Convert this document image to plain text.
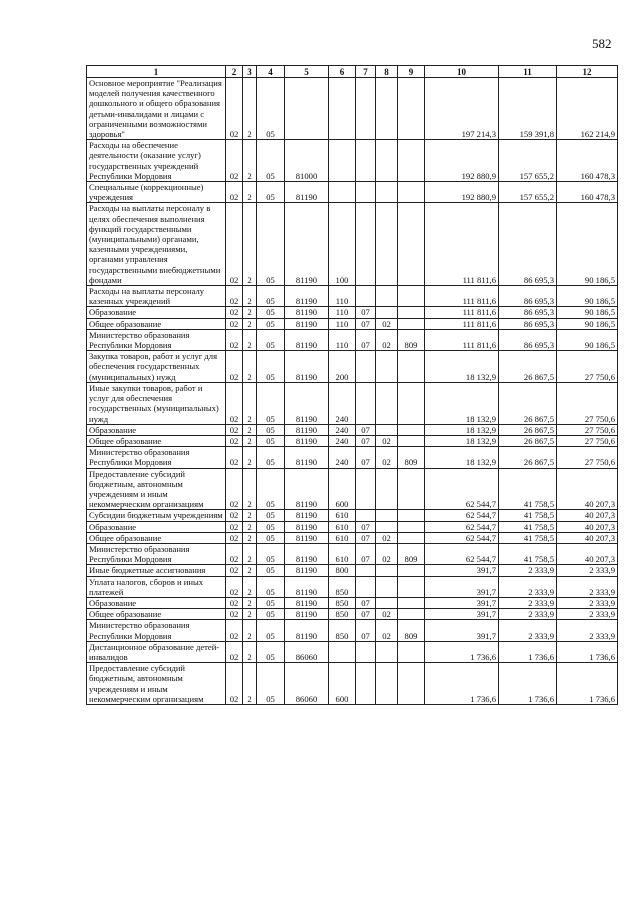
582
1	2	3	4	5	6	7	8	9	10	11	12
Основное мероприятие "Реализация моделей получения качественного дошкольного и общего образования детьми-инвалидами и лицами с ограниченными возможностями здоровья"	02	2	05						197 214,3	159 391,8	162 214,9
Расходы на обеспечение деятельности (оказание услуг) государственных учреждений Республики Мордовия	02	2	05	81000					192 880,9	157 655,2	160 478,3
Специальные (коррекционные) учреждения	02	2	05	81190					192 880,9	157 655,2	160 478,3
Расходы на выплаты персоналу в целях обеспечения выполнения функций государственными (муниципальными) органами, казенными учреждениями, органами управления государственными внебюджетными фондами	02	2	05	81190	100				111 811,6	86 695,3	90 186,5
Расходы на выплаты персоналу казенных учреждений	02	2	05	81190	110				111 811,6	86 695,3	90 186,5
Образование	02	2	05	81190	110	07			111 811,6	86 695,3	90 186,5
Общее образование	02	2	05	81190	110	07	02		111 811,6	86 695,3	90 186,5
Министерство образования Республики Мордовия	02	2	05	81190	110	07	02	809	111 811,6	86 695,3	90 186,5
Закупка товаров, работ и услуг для обеспечения государственных (муниципальных) нужд	02	2	05	81190	200				18 132,9	26 867,5	27 750,6
Иные закупки товаров, работ и услуг для обеспечения государственных (муниципальных) нужд	02	2	05	81190	240				18 132,9	26 867,5	27 750,6
Образование	02	2	05	81190	240	07			18 132,9	26 867,5	27 750,6
Общее образование	02	2	05	81190	240	07	02		18 132,9	26 867,5	27 750,6
Министерство образования Республики Мордовия	02	2	05	81190	240	07	02	809	18 132,9	26 867,5	27 750,6
Предоставление субсидий бюджетным, автономным учреждениям и иным некоммерческим организациям	02	2	05	81190	600				62 544,7	41 758,5	40 207,3
Субсидии бюджетным учреждениям	02	2	05	81190	610				62 544,7	41 758,5	40 207,3
Образование	02	2	05	81190	610	07			62 544,7	41 758,5	40 207,3
Общее образование	02	2	05	81190	610	07	02		62 544,7	41 758,5	40 207,3
Министерство образования Республики Мордовия	02	2	05	81190	610	07	02	809	62 544,7	41 758,5	40 207,3
Иные бюджетные ассигнования	02	2	05	81190	800				391,7	2 333,9	2 333,9
Уплата налогов, сборов и иных платежей	02	2	05	81190	850				391,7	2 333,9	2 333,9
Образование	02	2	05	81190	850	07			391,7	2 333,9	2 333,9
Общее образование	02	2	05	81190	850	07	02		391,7	2 333,9	2 333,9
Министерство образования Республики Мордовия	02	2	05	81190	850	07	02	809	391,7	2 333,9	2 333,9
Дистанционное образование детей-инвалидов	02	2	05	86060					1 736,6	1 736,6	1 736,6
Предоставление субсидий бюджетным, автономным учреждениям и иным некоммерческим организациям	02	2	05	86060	600				1 736,6	1 736,6	1 736,6
